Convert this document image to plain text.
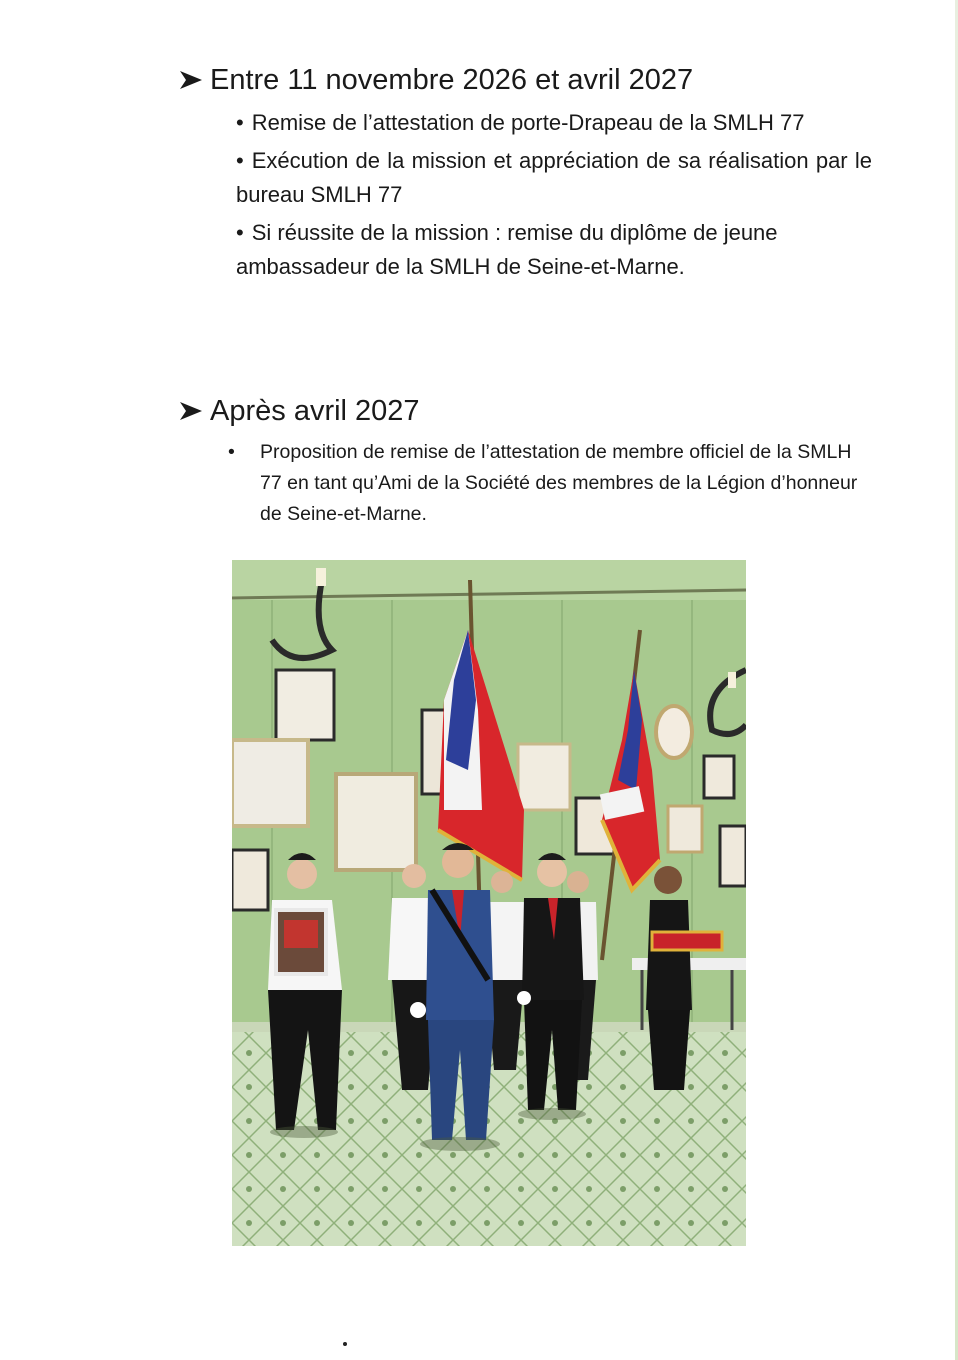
Entre 11 novembre 2026 et avril 2027

• Remise de l’attestation de porte-Drapeau de la SMLH 77

• Exécution de la mission et appréciation de sa réalisation par le bureau SMLH 77

• Si réussite de la mission : remise du diplôme de jeune ambassadeur de la SMLH de Seine-et-Marne.

Après avril 2027
• Proposition de remise de l’attestation de membre officiel de la SMLH 77 en tant qu’Ami de la Société des membres de la Légion d’honneur de Seine-et-Marne.
